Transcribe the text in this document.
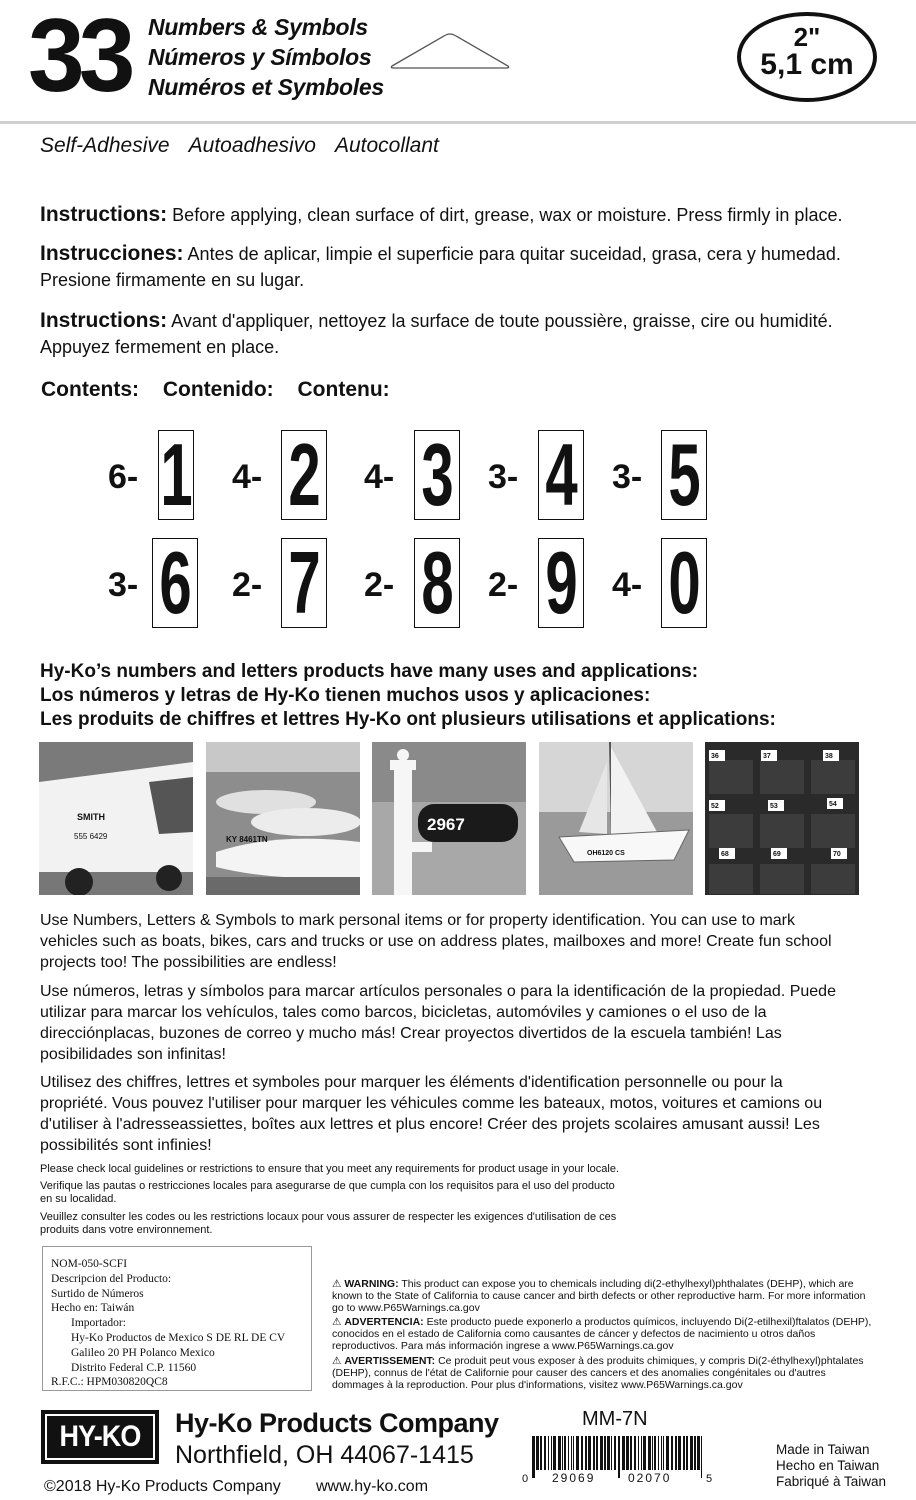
33 Numbers & Symbols
Números y Símbolos
Numéros et Symboles
2"
5,1 cm
Self-Adhesive Autoadhesivo Autocollant
Instructions: Before applying, clean surface of dirt, grease, wax or moisture. Press firmly in place.
Instrucciones: Antes de aplicar, limpie el superficie para quitar suceidad, grasa, cera y humedad. Presione firmamente en su lugar.
Instructions: Avant d'appliquer, nettoyez la surface de toute poussière, graisse, cire ou humidité. Appuyez fermement en place.
Contents: Contenido: Contenu:
6- 1 4- 2 4- 3 3- 4 3- 5
3- 6 2- 7 2- 8 2- 9 4- 0
Hy-Ko’s numbers and letters products have many uses and applications:
Los números y letras de Hy-Ko tienen muchos usos y aplicaciones:
Les produits de chiffres et lettres Hy-Ko ont plusieurs utilisations et applications:
SMITH
555 6429	KY 8461TN
2967
OH6120 CS
36	37	38
52	53	54
68	69	70
Use Numbers, Letters & Symbols to mark personal items or for property identification. You can use to mark vehicles such as boats, bikes, cars and trucks or use on address plates, mailboxes and more! Create fun school projects too! The possibilities are endless!
Use números, letras y símbolos para marcar artículos personales o para la identificación de la propiedad. Puede utilizar para marcar los vehículos, tales como barcos, bicicletas, automóviles y camiones o el uso de la direcciónplacas, buzones de correo y mucho más! Crear proyectos divertidos de la escuela también! Las posibilidades son infinitas!
Utilisez des chiffres, lettres et symboles pour marquer les éléments d'identification personnelle ou pour la propriété. Vous pouvez l'utiliser pour marquer les véhicules comme les bateaux, motos, voitures et camions ou d'utiliser à l'adresseassiettes, boîtes aux lettres et plus encore! Créer des projets scolaires amusant aussi! Les possibilités sont infinies!
Please check local guidelines or restrictions to ensure that you meet any requirements for product usage in your locale.
Verifique las pautas o restricciones locales para asegurarse de que cumpla con los requisitos para el uso del producto en su localidad.
Veuillez consulter les codes ou les restrictions locaux pour vous assurer de respecter les exigences d'utilisation de ces produits dans votre environnement.
NOM-050-SCFI
Descripcion del Producto:
Surtido de Números
Hecho en: Taiwán
Importador:
Hy-Ko Productos de Mexico S DE RL DE CV
Galileo 20 PH Polanco Mexico
Distrito Federal C.P. 11560
R.F.C.: HPM030820QC8
⚠ WARNING: This product can expose you to chemicals including di(2-ethylhexyl)phthalates (DEHP), which are known to the State of California to cause cancer and birth defects or other reproductive harm. For more information go to www.P65Warnings.ca.gov
⚠ ADVERTENCIA: Este producto puede exponerlo a productos químicos, incluyendo Di(2-etilhexil)ftalatos (DEHP), conocidos en el estado de California como causantes de cáncer y defectos de nacimiento u otros daños reproductivos. Para más información ingrese a www.P65Warnings.ca.gov
⚠ AVERTISSEMENT: Ce produit peut vous exposer à des produits chimiques, y compris Di(2-éthylhexyl)phtalates (DEHP), connus de l'état de Californie pour causer des cancers et des anomalies congénitales ou d'autres dommages à la reproduction. Pour plus d'informations, visitez www.P65Warnings.ca.gov
HY-KO Hy-Ko Products Company
Northfield, OH 44067-1415
MM-7N
0 29069	02070	5
Made in Taiwan
Hecho en Taiwan
Fabriqué à Taiwan
©2018 Hy-Ko Products Company www.hy-ko.com
